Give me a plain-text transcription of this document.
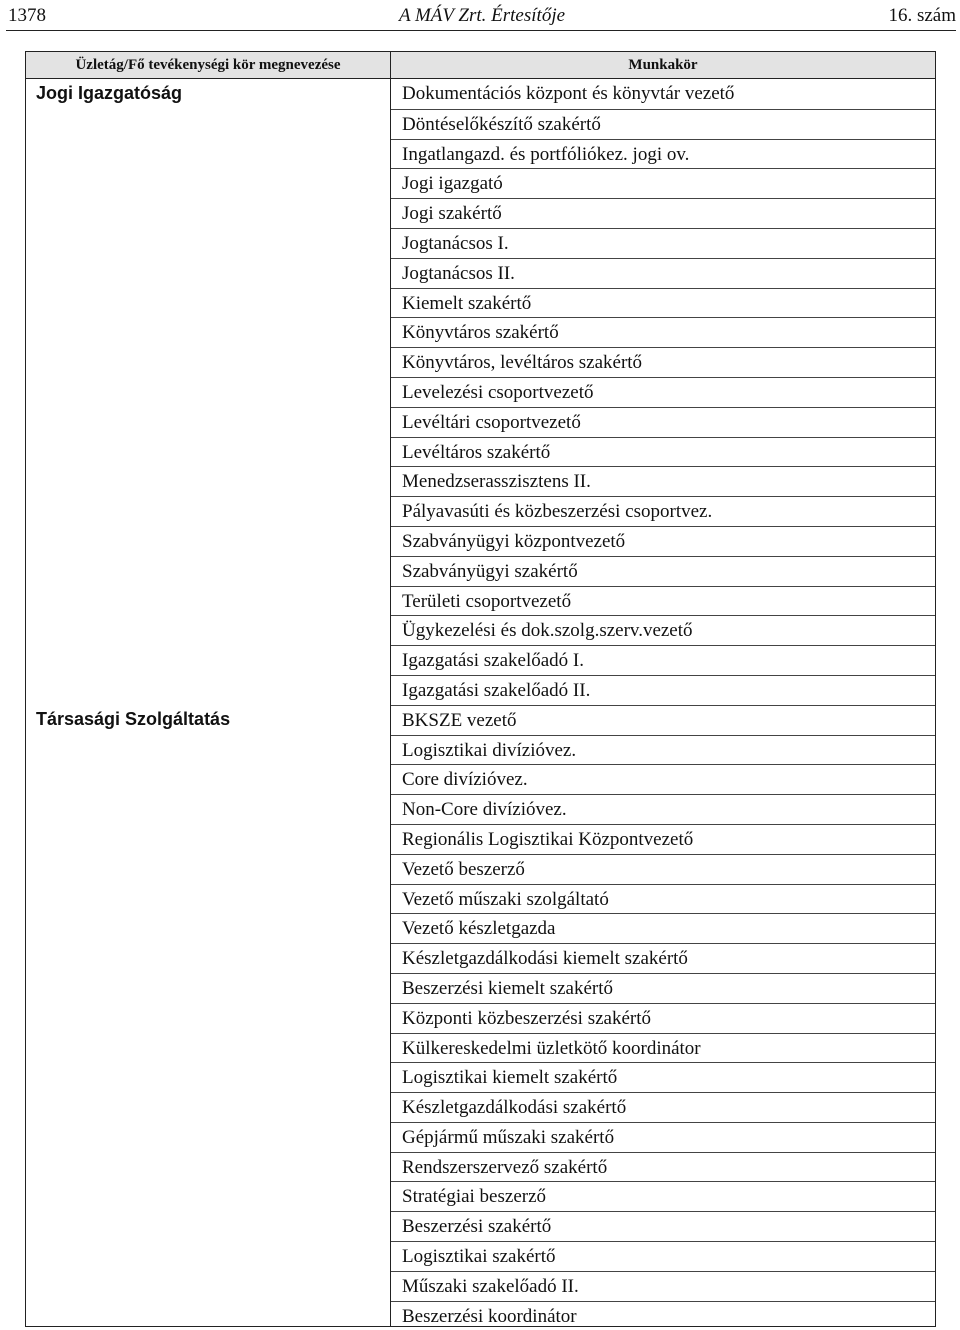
A MÁV Zrt. Értesítője
1378	16. szám
Üzletág/Fő tevékenységi kör megnevezése	Munkakör
Jogi Igazgatóság
Társasági Szolgáltatás
Dokumentációs központ és könyvtár vezető
Döntéselőkészítő szakértő
Ingatlangazd. és portfóliókez. jogi ov.
Jogi igazgató
Jogi szakértő
Jogtanácsos I.
Jogtanácsos II.
Kiemelt szakértő
Könyvtáros szakértő
Könyvtáros, levéltáros szakértő
Levelezési csoportvezető
Levéltári csoportvezető
Levéltáros szakértő
Menedzserasszisztens II.
Pályavasúti és közbeszerzési csoportvez.
Szabványügyi központvezető
Szabványügyi szakértő
Területi csoportvezető
Ügykezelési és dok.szolg.szerv.vezető
Igazgatási szakelőadó I.
Igazgatási szakelőadó II.
BKSZE vezető
Logisztikai divízióvez.
Core divízióvez.
Non-Core divízióvez.
Regionális Logisztikai Központvezető
Vezető beszerző
Vezető műszaki szolgáltató
Vezető készletgazda
Készletgazdálkodási kiemelt szakértő
Beszerzési kiemelt szakértő
Központi közbeszerzési szakértő
Külkereskedelmi üzletkötő koordinátor
Logisztikai kiemelt szakértő
Készletgazdálkodási szakértő
Gépjármű műszaki szakértő
Rendszerszervező szakértő
Stratégiai beszerző
Beszerzési szakértő
Logisztikai szakértő
Műszaki szakelőadó II.
Beszerzési koordinátor
